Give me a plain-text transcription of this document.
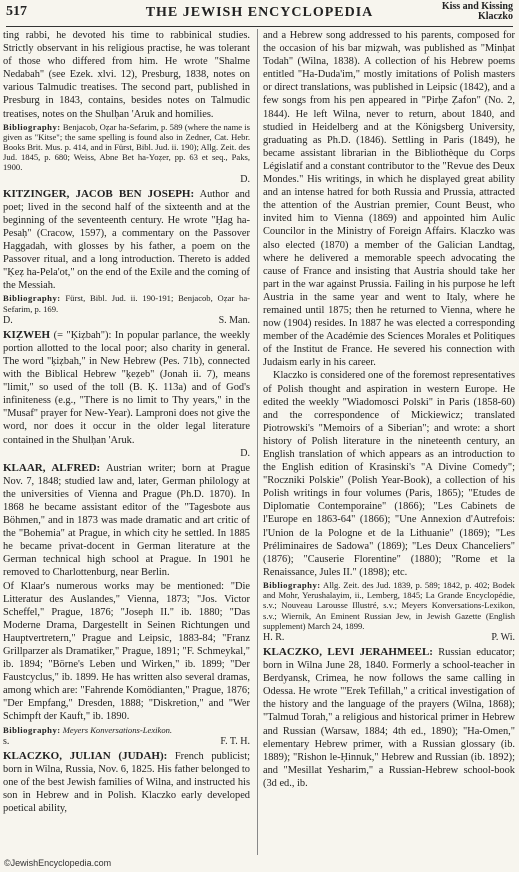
517	THE JEWISH ENCYCLOPEDIA	Kiss and Kissing
Klaczko

ting rabbi, he devoted his time to rabbinical studies. Strictly observant in his religious practise, he was tolerant of those who differed from him. He wrote "Shalme Nedabah" (see Ezek. xlvi. 12), Presburg, 1838, notes on various Talmudic treatises. The second part, published in Presburg in 1843, contains, besides notes on Talmudic treatises, notes on the Shulḥan 'Aruk and homilies.

Bibliography: Benjacob, Oẓar ha-Sefarim, p. 589 (where the name is given as "Kitse"; the same spelling is found also in Zedner, Cat. Hebr. Books Brit. Mus. p. 414, and in Fürst, Bibl. Jud. ii. 190); Allg. Zeit. des Jud. 1845, p. 680; Weiss, Abne Bet ha-Yoẓer, pp. 63 et seq., Paks, 1900.

D.

KITZINGER, JACOB BEN JOSEPH: Author and poet; lived in the second half of the sixteenth and at the beginning of the seventeenth century. He wrote "Ḥag ha-Pesaḥ" (Cracow, 1597), a commentary on the Passover Haggadah, with glosses by his father, a poem on the Passover ritual, and a long introduction. Thereto is added "Ḳeẓ ha-Pela'ot," on the end of the Exile and the coming of the Messiah.

Bibliography: Fürst, Bibl. Jud. ii. 190-191; Benjacob, Oẓar ha-Sefarim, p. 169.

D.	S. Man.

KIẒWEH (= "Ḳiẓbah"): In popular parlance, the weekly portion allotted to the local poor; also charity in general. The word "ḳiẓbah," in New Hebrew (Pes. 71b), connected with the Biblical Hebrew "ḳeẓeb" (Jonah ii. 7), means "limit," so used of the toll (B. Ḳ. 113a) and of God's infiniteness (e.g., "There is no limit to Thy years," in the "Musaf" prayer for New-Year). Lamproni does not give the word, nor does it occur in the older legal literature contained in the Shulḥan 'Aruk.

D.

KLAAR, ALFRED: Austrian writer; born at Prague Nov. 7, 1848; studied law and, later, German philology at the universities of Vienna and Prague (Ph.D. 1870). In 1868 he became assistant editor of the "Tagesbote aus Böhmen," and in 1873 was made dramatic and art critic of the "Bohemia" at Prague, in which city he settled. In 1885 he became privat-docent in German literature at the German technical high school at Prague. In 1901 he removed to Charlottenburg, near Berlin.

Of Klaar's numerous works may be mentioned: "Die Litteratur des Auslandes," Vienna, 1873; "Jos. Victor Scheffel," Prague, 1876; "Joseph II." ib. 1880; "Das Moderne Drama, Dargestellt in Seinen Richtungen und Hauptvertretern," Prague and Leipsic, 1883-84; "Franz Grillparzer als Dramatiker," Prague, 1891; "F. Schmeykal," ib. 1894; "Börne's Leben und Wirken," ib. 1899; "Der Faustcyclus," ib. 1899. He has written also several dramas, among which are: "Fahrende Komödianten," Prague, 1876; "Der Empfang," Dresden, 1888; "Diskretion," and "Wer Schimpft der Kauft," ib. 1890.

Bibliography: Meyers Konversations-Lexikon.

s.	F. T. H.

KLACZKO, JULIAN (JUDAH): French publicist; born in Wilna, Russia, Nov. 6, 1825. His father belonged to one of the best Jewish families of Wilna, and instructed his son in Hebrew and in Polish. Klaczko early developed poetical ability,

and a Hebrew song addressed to his parents, composed for the occasion of his bar miẓwah, was published as "Minḥat Todah" (Wilna, 1838). A collection of his Hebrew poems entitled "Ha-Duda'im," mostly imitations of Polish masters or direct translations, was published in Leipsic (1842), and a few songs from his pen appeared in "Pirḥe Ẓafon" (No. 2, 1844). He left Wilna, never to return, about 1840, and studied in Heidelberg and at the Königsberg University, graduating as Ph.D. (1846). Settling in Paris (1849), he became assistant librarian in the Bibliothèque du Corps Législatif and a constant contributor to the "Revue des Deux Mondes." His writings, in which he displayed great ability and an intense hatred for both Russia and Prussia, attracted the attention of the Austrian premier, Count Beust, who invited him to Vienna (1869) and appointed him Aulic Councilor in the Ministry of Foreign Affairs. Klaczko was also elected (1870) a member of the Galician Landtag, where he delivered a memorable speech advocating the cause of France and insisting that Austria should take her part in the war against Prussia. Failing in his purpose he left Austria in the same year and went to Italy, where he remained until 1875; then he returned to Vienna, where he now (1904) resides. In 1887 he was elected a corresponding member of the Académie des Sciences Morales et Politiques of the Institut de France. He severed his connection with Judaism early in his career.

Klaczko is considered one of the foremost representatives of Polish thought and aspiration in western Europe. He edited the weekly "Wiadomosci Polski" in Paris (1858-60) and the correspondence of Mickiewicz; translated Piotrowski's "Memoirs of a Siberian"; and wrote: a short history of Polish literature in the nineteenth century, an English translation of which appears as an introduction to the English edition of Krasinski's "A Divine Comedy"; "Roczniki Polskie" (Polish Year-Book), a collection of his Polish writings in four volumes (Paris, 1865); "Etudes de Diplomatie Contemporaine" (1866); "Les Cabinets de l'Europe en 1863-64" (1866); "Une Annexion d'Autrefois: l'Union de la Pologne et de la Lithuanie" (1869); "Les Préliminaires de Sadowa" (1869); "Les Deux Chanceliers" (1876); "Causerie Florentine" (1880); "Rome et la Renaissance, Jules II." (1898); etc.

Bibliography: Allg. Zeit. des Jud. 1839, p. 589; 1842, p. 402; Bodek and Mohr, Yerushalayim, ii., Lemberg, 1845; La Grande Encyclopédie, s.v.; Nouveau Larousse Illustré, s.v.; Meyers Konversations-Lexikon, s.v.; Wiernik, An Eminent Russian Jew, in Jewish Gazette (English supplement) March 24, 1899.

H. R.	P. Wi.

KLACZKO, LEVI JERAHMEEL: Russian educator; born in Wilna June 28, 1840. Formerly a school-teacher in Berdyansk, Crimea, he now follows the same calling in Odessa. He wrote "'Erek Tefillah," a critical investigation of the history and the language of the prayers (Wilna, 1868); "Talmud Torah," a religious and historical primer in Hebrew and Russian (Warsaw, 1884; 4th ed., 1890); "Ha-Omen," elementary Hebrew primer, with a Russian glossary (ib. 1889); "Rishon le-Ḥinnuk," Hebrew and Russian (ib. 1892); and "Mesillat Yesharim," a Russian-Hebrew school-book (3d ed., ib.

©JewishEncyclopedia.com
